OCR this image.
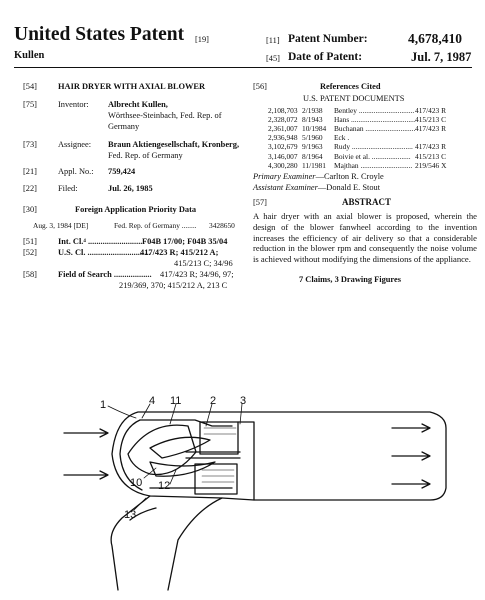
United States Patent [19]
Kullen
[11] Patent Number:	4,678,410
[45] Date of Patent:	Jul. 7, 1987
[54]	HAIR DRYER WITH AXIAL BLOWER
[75]	Inventor: Albrecht Kullen,
Wörthsee-Steinbach, Fed. Rep. of
Germany
[73]	Assignee: Braun Aktiengesellschaft, Kronberg,
Fed. Rep. of Germany
[21]	Appl. No.: 759,424
[22]	Filed:	Jul. 26, 1985
[30]	Foreign Application Priority Data
Aug. 3, 1984 [DE]	Fed. Rep. of Germany ........ 3428650
[51]	Int. Cl.⁴ .......................... F04B 17/00; F04B 35/04
[52]	U.S. Cl. ..............................
417/423 R; 415/212 A;
415/213 C; 34/96
[58]	Field of Search .................. 417/423 R; 34/96, 97;
219/369, 370; 415/212 A, 213 C
[56]	References Cited
U.S. PATENT DOCUMENTS
2,108,703 2/1938 Bentley .............................. 417/423 R
2,328,072 8/1943 Hans ................................... 415/213 C
2,361,007 10/1984 Buchanan ........................... 417/423 R
2,936,948 5/1960 Eck .
3,102,679 9/1963 Rudy ................................. 417/423 R
3,146,007 8/1964 Boivie et al. ..................... 415/213 C
4,300,280 11/1981 Majthan ............................ 219/546 X
Primary Examiner—Carlton R. Croyle
Assistant Examiner—Donald E. Stout
[57]	ABSTRACT
A hair dryer with an axial blower is proposed, wherein the design of the blower fanwheel according to the invention increases the efficiency of air delivery so that a considerable reduction in the blower rpm and consequently the noise volume is achieved without modifying the dimensions of the appliance.
7 Claims, 3 Drawing Figures
1	4 11	2 3
10 12
13
